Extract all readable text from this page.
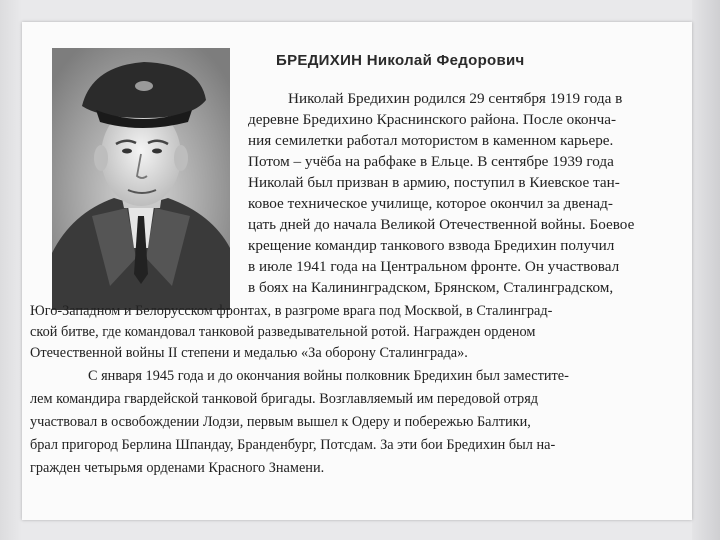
БРЕДИХИН Николай Федорович
Николай Бредихин родился 29 сентября 1919 года в
деревне Бредихино Краснинского района. После оконча-
ния семилетки работал мотористом в каменном карьере.
Потом – учёба на рабфаке в Ельце. В сентябре 1939 года
Николай был призван в армию, поступил в Киевское тан-
ковое техническое училище, которое окончил за двенад-
цать дней до начала Великой Отечественной войны. Боевое
крещение командир танкового взвода Бредихин получил
в июле 1941 года на Центральном фронте. Он участвовал
в боях на Калининградском, Брянском, Сталинградском,
Юго-Западном и Белорусском фронтах, в разгроме врага под Москвой, в Сталинград-
ской битве, где командовал танковой разведывательной ротой. Награжден орденом
Отечественной войны II степени и медалью «За оборону Сталинграда».
С января 1945 года и до окончания войны полковник Бредихин был заместите-
лем командира гвардейской танковой бригады. Возглавляемый им передовой отряд
участвовал в освобождении Лодзи, первым вышел к Одеру и побережью Балтики,
брал пригород Берлина Шпандау, Бранденбург, Потсдам. За эти бои Бредихин был на-
гражден четырьмя орденами Красного Знамени.
